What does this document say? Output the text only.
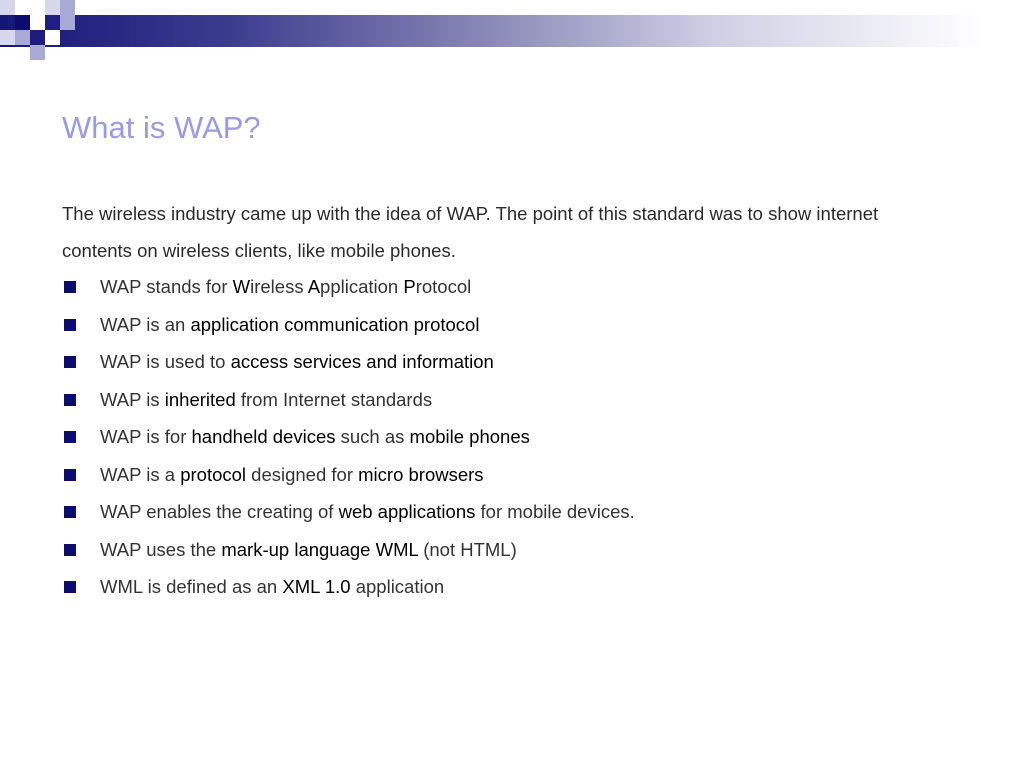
What is WAP?

The wireless industry came up with the idea of WAP. The point of this standard was to show internet contents on wireless clients, like mobile phones.

WAP stands for Wireless Application Protocol
WAP is an application communication protocol
WAP is used to access services and information
WAP is inherited from Internet standards
WAP is for handheld devices such as mobile phones
WAP is a protocol designed for micro browsers
WAP enables the creating of web applications for mobile devices.
WAP uses the mark-up language WML (not HTML)
WML is defined as an XML 1.0 application
